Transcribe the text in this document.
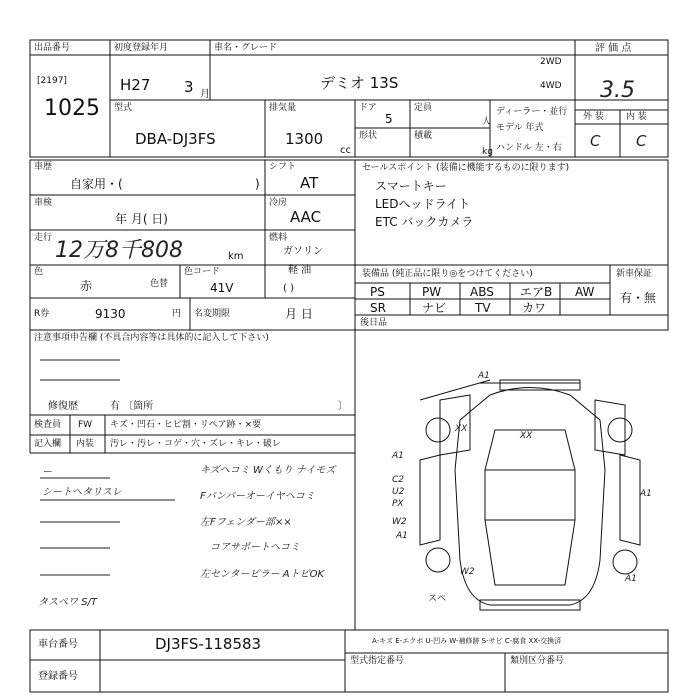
出品番号
[2197]
1025
初度登録年月
H27 3 月
車名・グレード
デミオ 13S
2WD
4WD
評 価 点
3.5
外 装 内 装
C C
型式
DBA-DJ3FS
排気量
1300
cc
ドア
5
定員
人
形状	積載
kg
ディーラー・並行
モデル 年式
ハンドル 左・右
車歴
自家用・(	)
シフト
AT
車検
年 月( 日)
冷房
AAC
走行 12万8千808	km
燃料
ガソリン
軽 油
( )
色
赤	色替
色コード
41V
R券	9130	円 名変期限	月 日
セールスポイント (装備に機能するものに限ります)
スマートキー
LEDヘッドライト
ETC バックカメラ
装備品 (純正品に限り◎をつけてください)	新車保証
有・無
PS	PW ABS エアB AW
SR	ナビ TV	カワ
後日品
注意事項申告欄 (不具合内容等は具体的に記入して下さい)
修復歴	有 〔箇所	〕
検査員
記入欄
FW
内装
キズ・凹石・ヒビ割・リペア跡・×要
汚レ・汚レ・コゲ・穴・ズレ・キレ・破レ
ー
シートヘタリスレ
キズヘコミ Wくもり ナイモズ
Fバンパーオーイヤヘコミ
左Fフェンダー部××
コアサポートヘコミ
左センターピラー AトビOK
タスペワ S/T
A1
XX
XX
A1
A1
C2
U2
PX
W2
A1
W2
A1
スペ
A-キズ E-エクボ U-凹み W-補修跡 S-サビ C-腐食 XX-交換済
型式指定番号	類別区分番号
車台番号	DJ3FS-118583
登録番号
